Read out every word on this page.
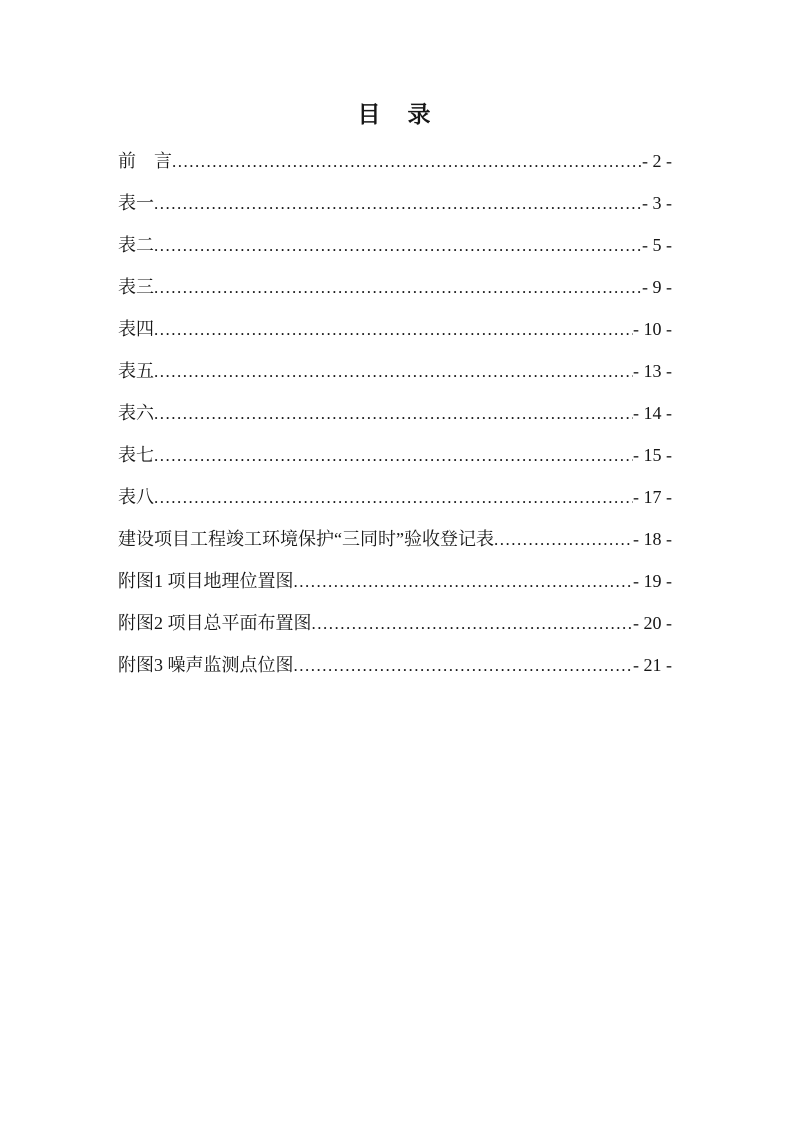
目　录
前　言 .....	- 2 -
表一 .....	- 3 -
表二 .....	- 5 -
表三 .....	- 9 -
表四 .....	- 10 -
表五 .....	- 13 -
表六 .....	- 14 -
表七 .....	- 15 -
表八 .....	- 17 -
建设项目工程竣工环境保护“三同时”验收登记表 .....	- 18 -
附图1 项目地理位置图 .....	- 19 -
附图2 项目总平面布置图 .....	- 20 -
附图3 噪声监测点位图 .....	- 21 -
